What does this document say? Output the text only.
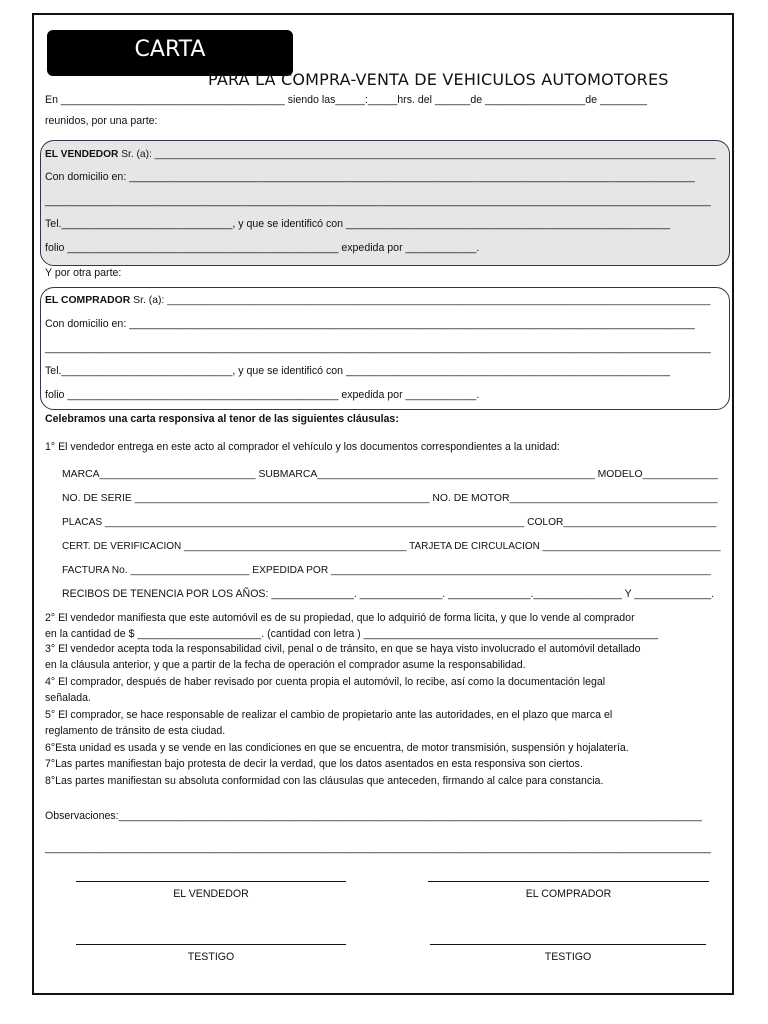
CARTA
PARA LA COMPRA-VENTA DE VEHICULOS AUTOMOTORES
En ______________________________________ siendo las_____:_____hrs. del ______de _________________de ________
reunidos, por una parte:
EL VENDEDOR Sr. (a): ___________________________________________________________________________________________________
Con domicilio en: ________________________________________________________________________________________________
_________________________________________________________________________________________________________________
Tel._____________________________, y que se identificó con _______________________________________________________
folio ______________________________________________ expedida por ____________.
Y por otra parte:
EL COMPRADOR Sr. (a): ______________________________________________________________________________________________
Con domicilio en: ________________________________________________________________________________________________
_________________________________________________________________________________________________________________
Tel._____________________________, y que se identificó con _______________________________________________________
folio ______________________________________________ expedida por ____________.
Celebramos una carta responsiva al tenor de las siguientes cláusulas:
1° El vendedor entrega en este acto al comprador el vehículo y los documentos correspondientes a la unidad:
MARCA___________________________ SUBMARCA________________________________________________ MODELO_____________
NO. DE SERIE ___________________________________________________ NO. DE MOTOR____________________________________
PLACAS __________________________________________________________________________ COLOR___________________________
CERT. DE VERIFICACION ________________________________________ TARJETA DE CIRCULACION ________________________________
FACTURA No. _____________________ EXPEDIDA POR ___________________________________________________________________
RECIBOS DE TENENCIA POR LOS AÑOS: ______________. ______________. ______________._______________ Y _____________.
2° El vendedor manifiesta que este automóvil es de su propiedad, que lo adquirió de forma licita, y que lo vende al comprador
en la cantidad de $ _____________________. (cantidad con letra ) __________________________________________________
3° El vendedor acepta toda la responsabilidad civil, penal o de tránsito, en que se haya visto involucrado el automóvil detallado
en la cláusula anterior, y que a partir de la fecha de operación el comprador asume la responsabilidad.
4° El comprador, después de haber revisado por cuenta propia el automóvil, lo recibe, así como la documentación legal
señalada.
5° El comprador, se hace responsable de realizar el cambio de propietario ante las autoridades, en el plazo que marca el
reglamento de tránsito de esta ciudad.
6°Esta unidad es usada y se vende en las condiciones en que se encuentra, de motor transmisión, suspensión y hojalatería.
7°Las partes manifiestan bajo protesta de decir la verdad, que los datos asentados en esta responsiva son ciertos.
8°Las partes manifiestan su absoluta conformidad con las cláusulas que anteceden, firmando al calce para constancia.
Observaciones:___________________________________________________________________________________________________
_________________________________________________________________________________________________________________
EL VENDEDOR	EL COMPRADOR
TESTIGO	TESTIGO
